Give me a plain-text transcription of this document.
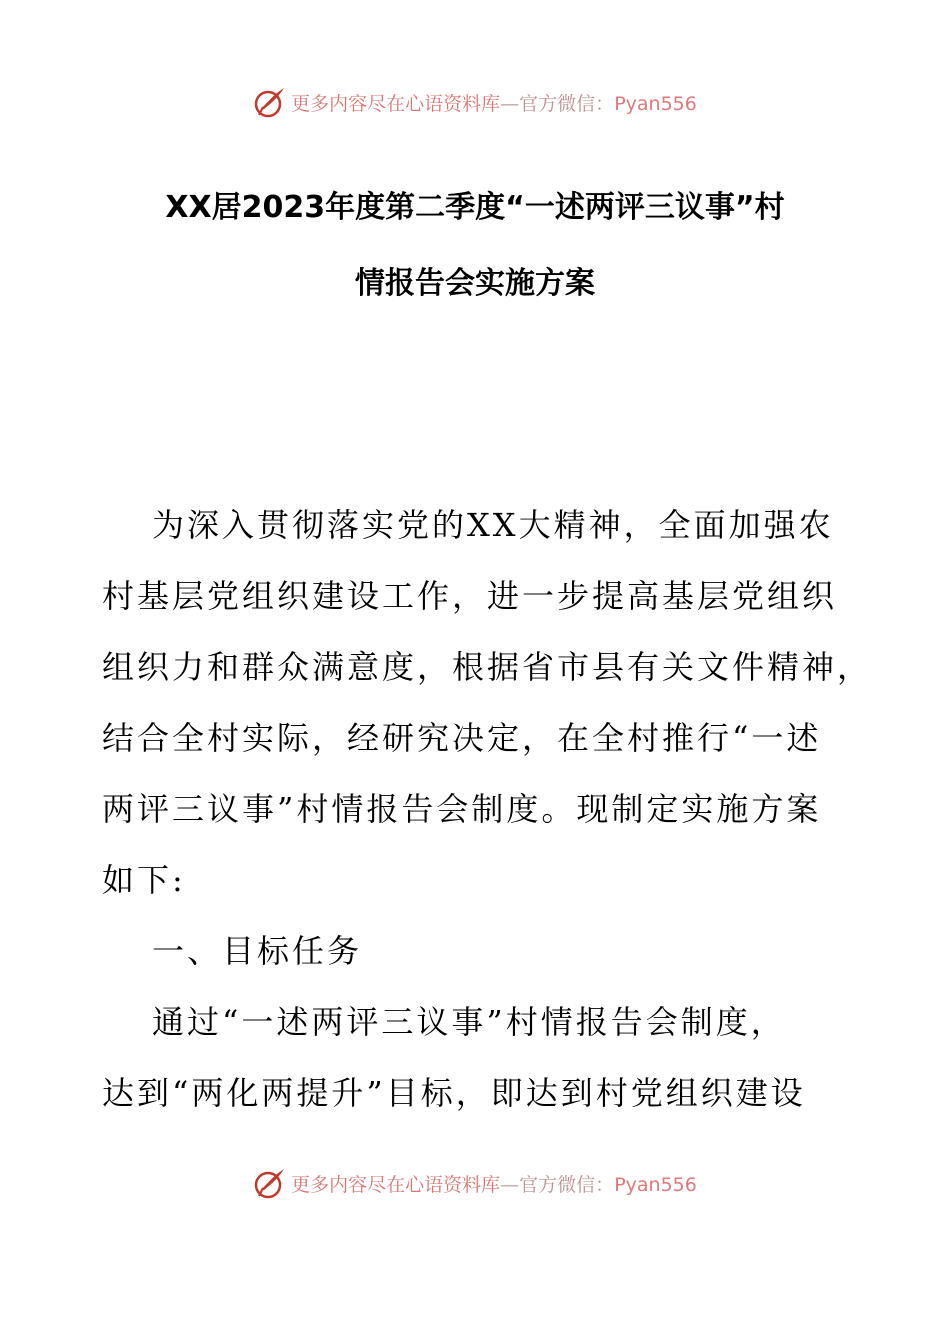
更多内容尽在心语资料库—官方微信：Pyan556
XX居2023年度第二季度“一述两评三议事”村
情报告会实施方案
为深入贯彻落实党的XX大精神，全面加强农
村基层党组织建设工作，进一步提高基层党组织
组织力和群众满意度，根据省市县有关文件精神，
结合全村实际，经研究决定，在全村推行“一述
两评三议事”村情报告会制度。现制定实施方案
如下:
一、目标任务
通过“一述两评三议事”村情报告会制度，
达到“两化两提升”目标，即达到村党组织建设
更多内容尽在心语资料库—官方微信：Pyan556
